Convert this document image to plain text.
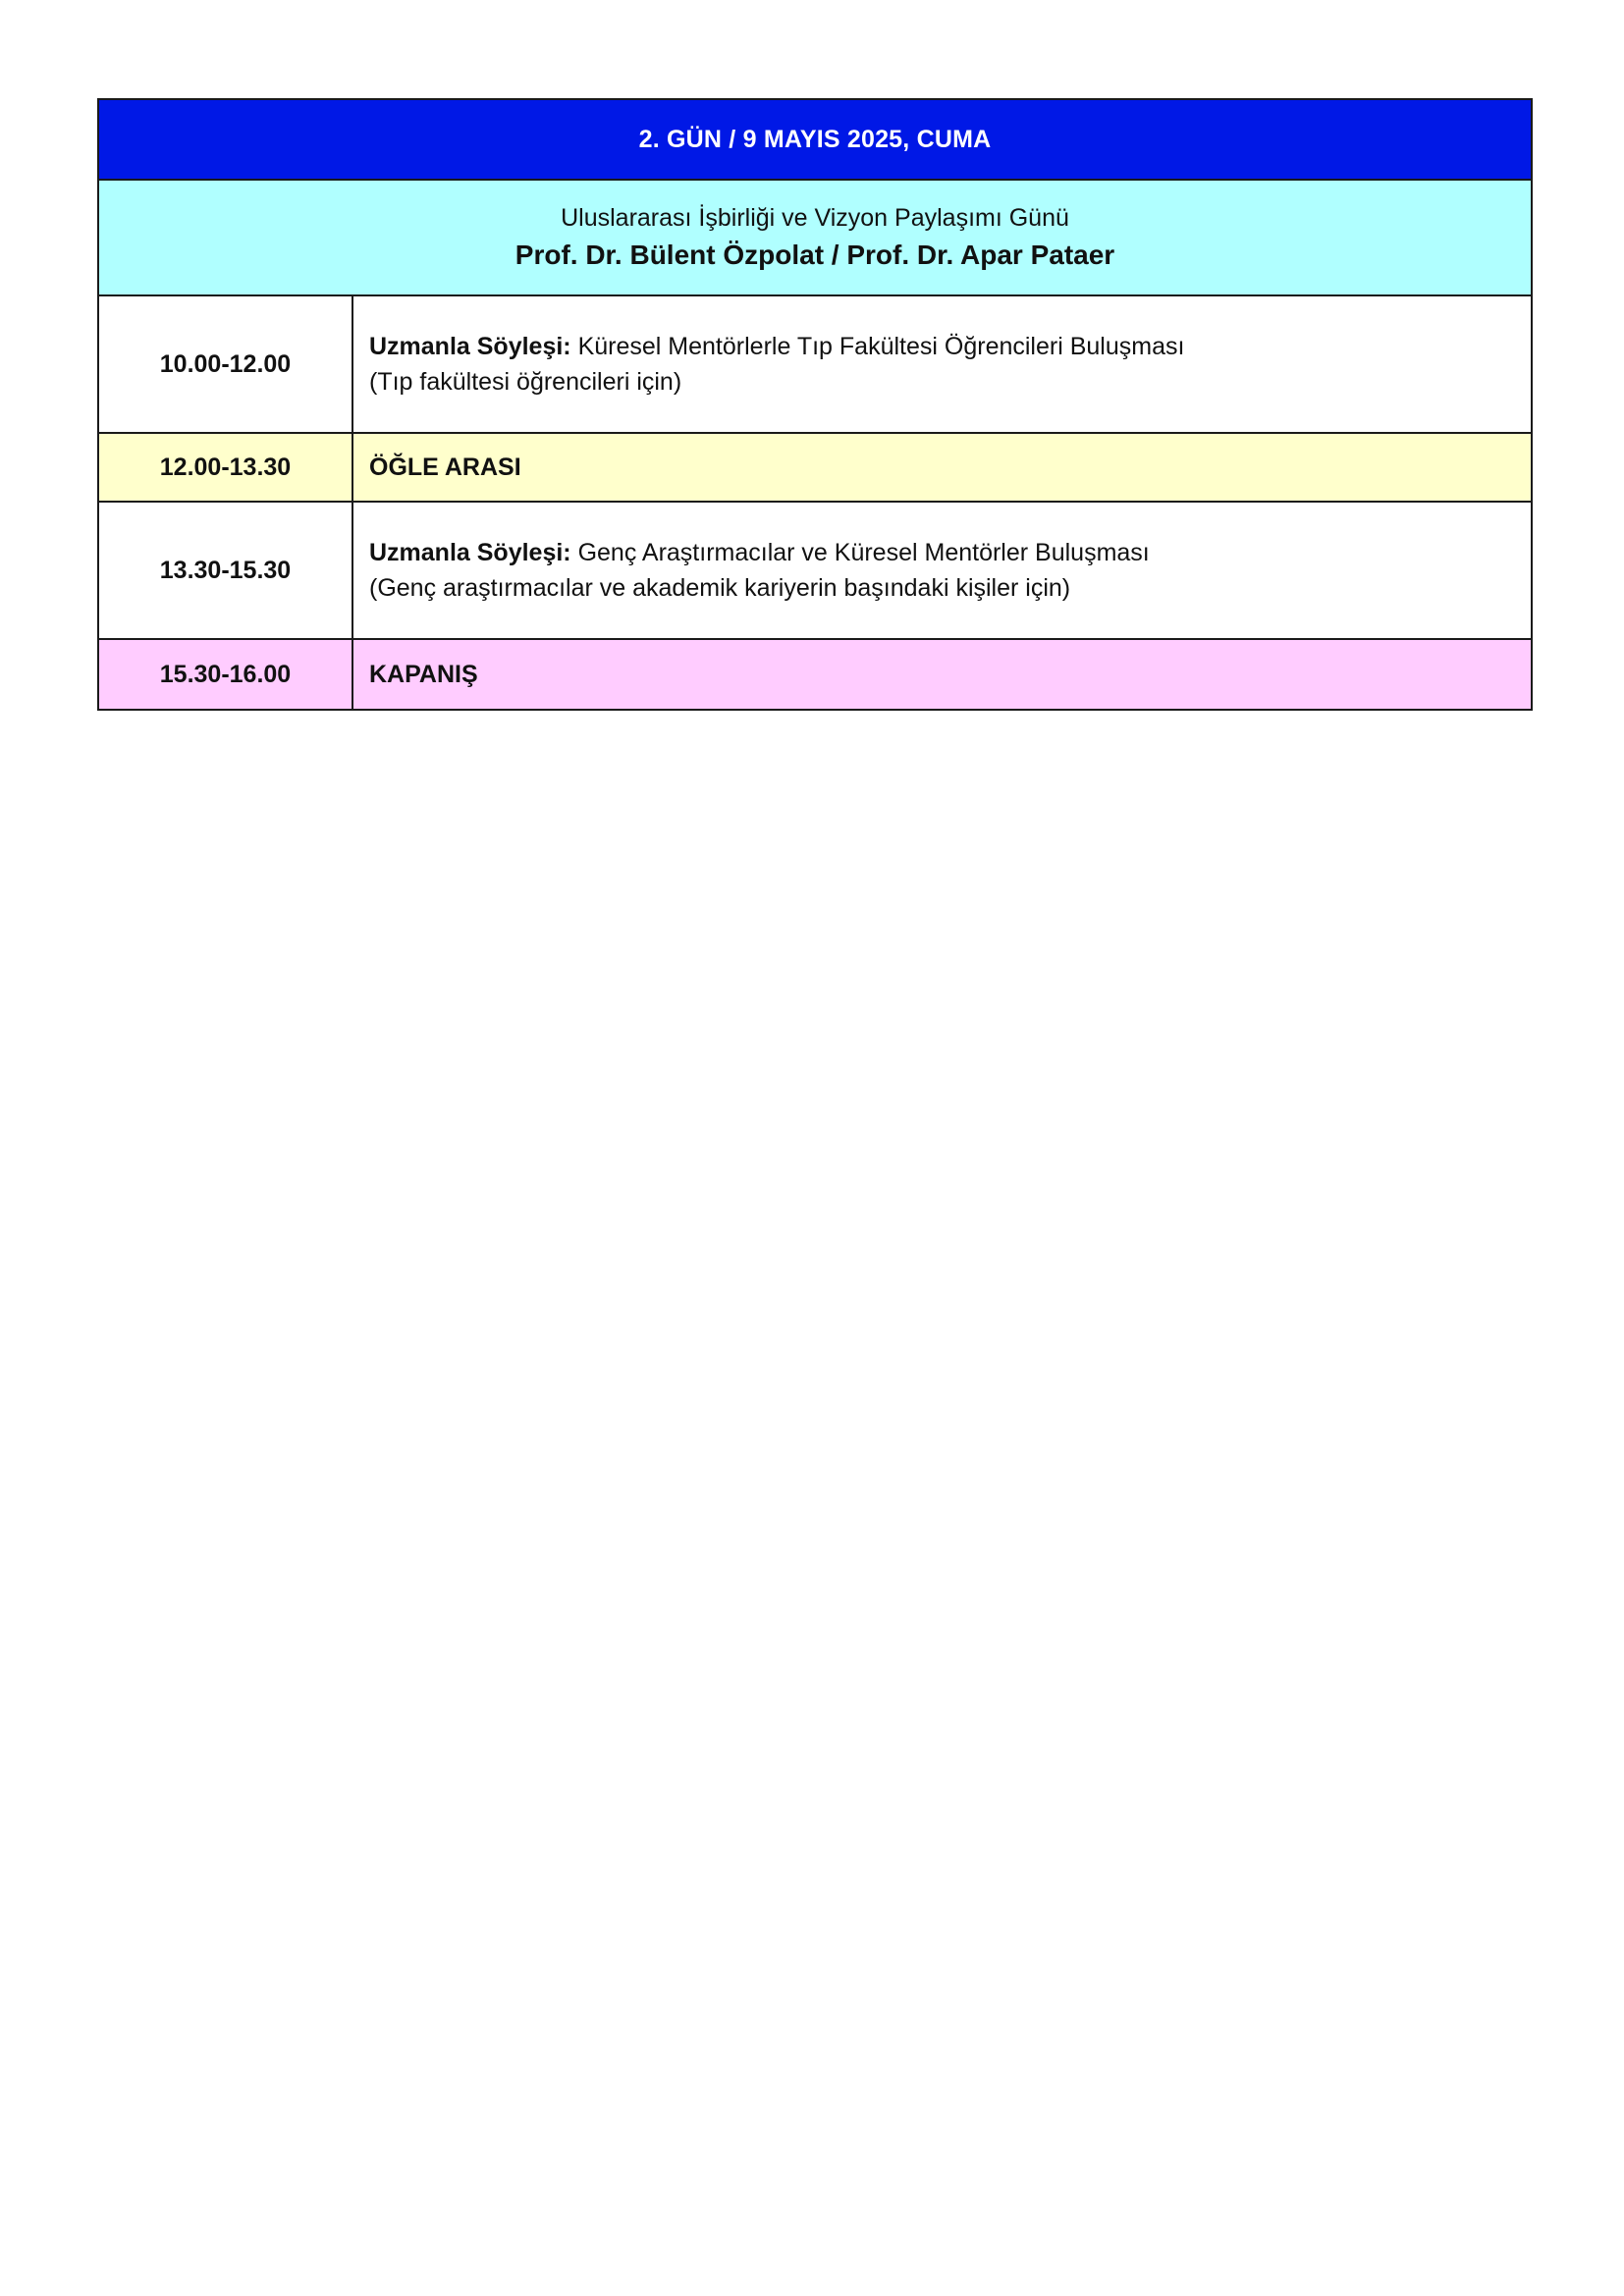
2. GÜN / 9 MAYIS 2025, CUMA
Uluslararası İşbirliği ve Vizyon Paylaşımı Günü
Prof. Dr. Bülent Özpolat / Prof. Dr. Apar Pataer
10.00-12.00
Uzmanla Söyleşi: Küresel Mentörlerle Tıp Fakültesi Öğrencileri Buluşması
(Tıp fakültesi öğrencileri için)
12.00-13.30	ÖĞLE ARASI
13.30-15.30
Uzmanla Söyleşi: Genç Araştırmacılar ve Küresel Mentörler Buluşması
(Genç araştırmacılar ve akademik kariyerin başındaki kişiler için)
15.30-16.00	KAPANIŞ
